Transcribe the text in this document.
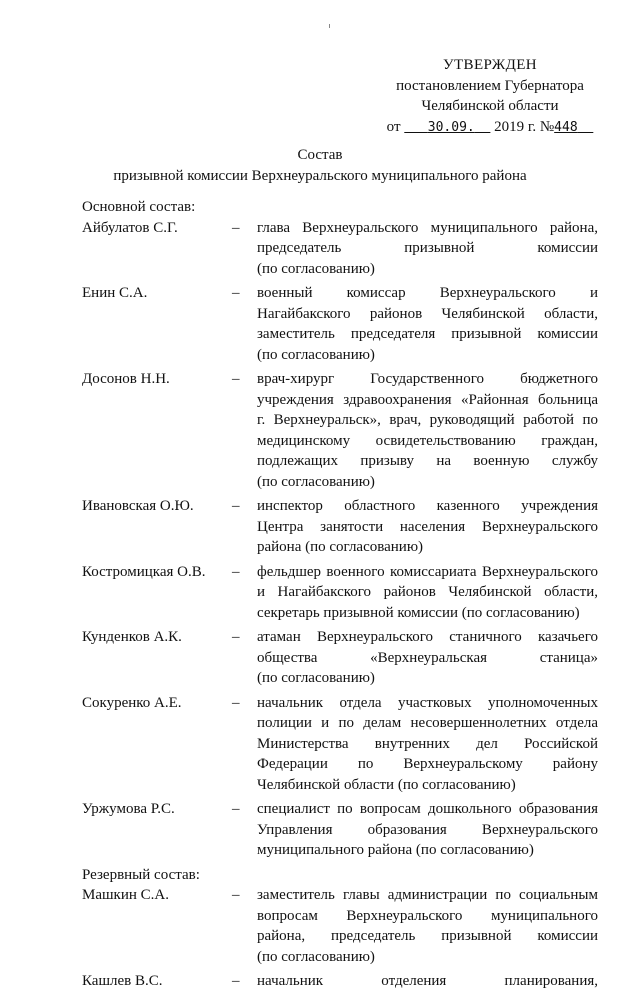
УТВЕРЖДЕН
постановлением Губернатора
Челябинской области
от 30.09. 2019 г. №448
Состав
призывной комиссии Верхнеуральского муниципального района
Основной состав:
Айбулатов С.Г.	–	глава Верхнеуральского муниципального района,
председатель призывной комиссии
(по согласованию)
Енин С.А.	–	военный комиссар Верхнеуральского и
Нагайбакского районов Челябинской области,
заместитель председателя призывной комиссии
(по согласованию)
Досонов Н.Н.	–	врач-хирург Государственного бюджетного
учреждения здравоохранения «Районная больница
г. Верхнеуральск», врач, руководящий работой по
медицинскому освидетельствованию граждан,
подлежащих призыву на военную службу
(по согласованию)
Ивановская О.Ю.	–	инспектор областного казенного учреждения
Центра занятости населения Верхнеуральского
района (по согласованию)
Костромицкая О.В.	–	фельдшер военного комиссариата Верхнеуральского
и Нагайбакского районов Челябинской области,
секретарь призывной комиссии (по согласованию)
Кунденков А.К.	–	атаман Верхнеуральского станичного казачьего
общества «Верхнеуральская станица»
(по согласованию)
Сокуренко А.Е.	–	начальник отдела участковых уполномоченных
полиции и по делам несовершеннолетних отдела
Министерства внутренних дел Российской
Федерации по Верхнеуральскому району
Челябинской области (по согласованию)
Уржумова Р.С.	–	специалист по вопросам дошкольного образования
Управления образования Верхнеуральского
муниципального района (по согласованию)
Резервный состав:
Машкин С.А.	–	заместитель главы администрации по социальным
вопросам Верхнеуральского муниципального
района, председатель призывной комиссии
(по согласованию)
Кашлев В.С.	–	начальник отделения планирования,
